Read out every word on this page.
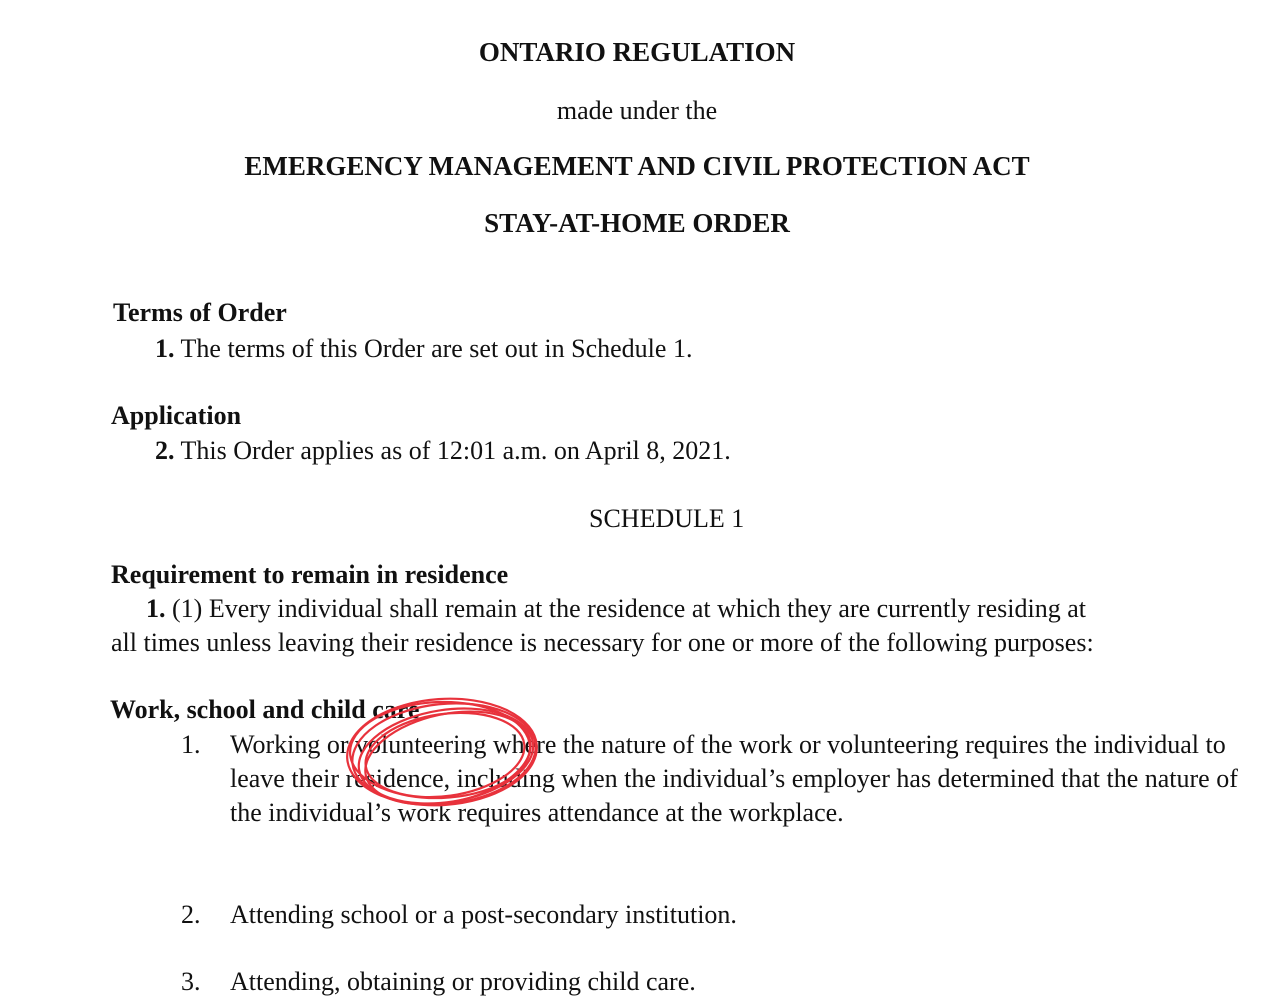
ONTARIO REGULATION
made under the
EMERGENCY MANAGEMENT AND CIVIL PROTECTION ACT
STAY-AT-HOME ORDER
Terms of Order
1. The terms of this Order are set out in Schedule 1.
Application
2. This Order applies as of 12:01 a.m. on April 8, 2021.
SCHEDULE 1
Requirement to remain in residence
1. (1) Every individual shall remain at the residence at which they are currently residing at
all times unless leaving their residence is necessary for one or more of the following purposes:
Work, school and child care
1. Working or volunteering where the nature of the work or volunteering requires the individual to leave their residence, including when the individual’s employer has determined that the nature of the individual’s work requires attendance at the workplace.
2. Attending school or a post-secondary institution.
3. Attending, obtaining or providing child care.
